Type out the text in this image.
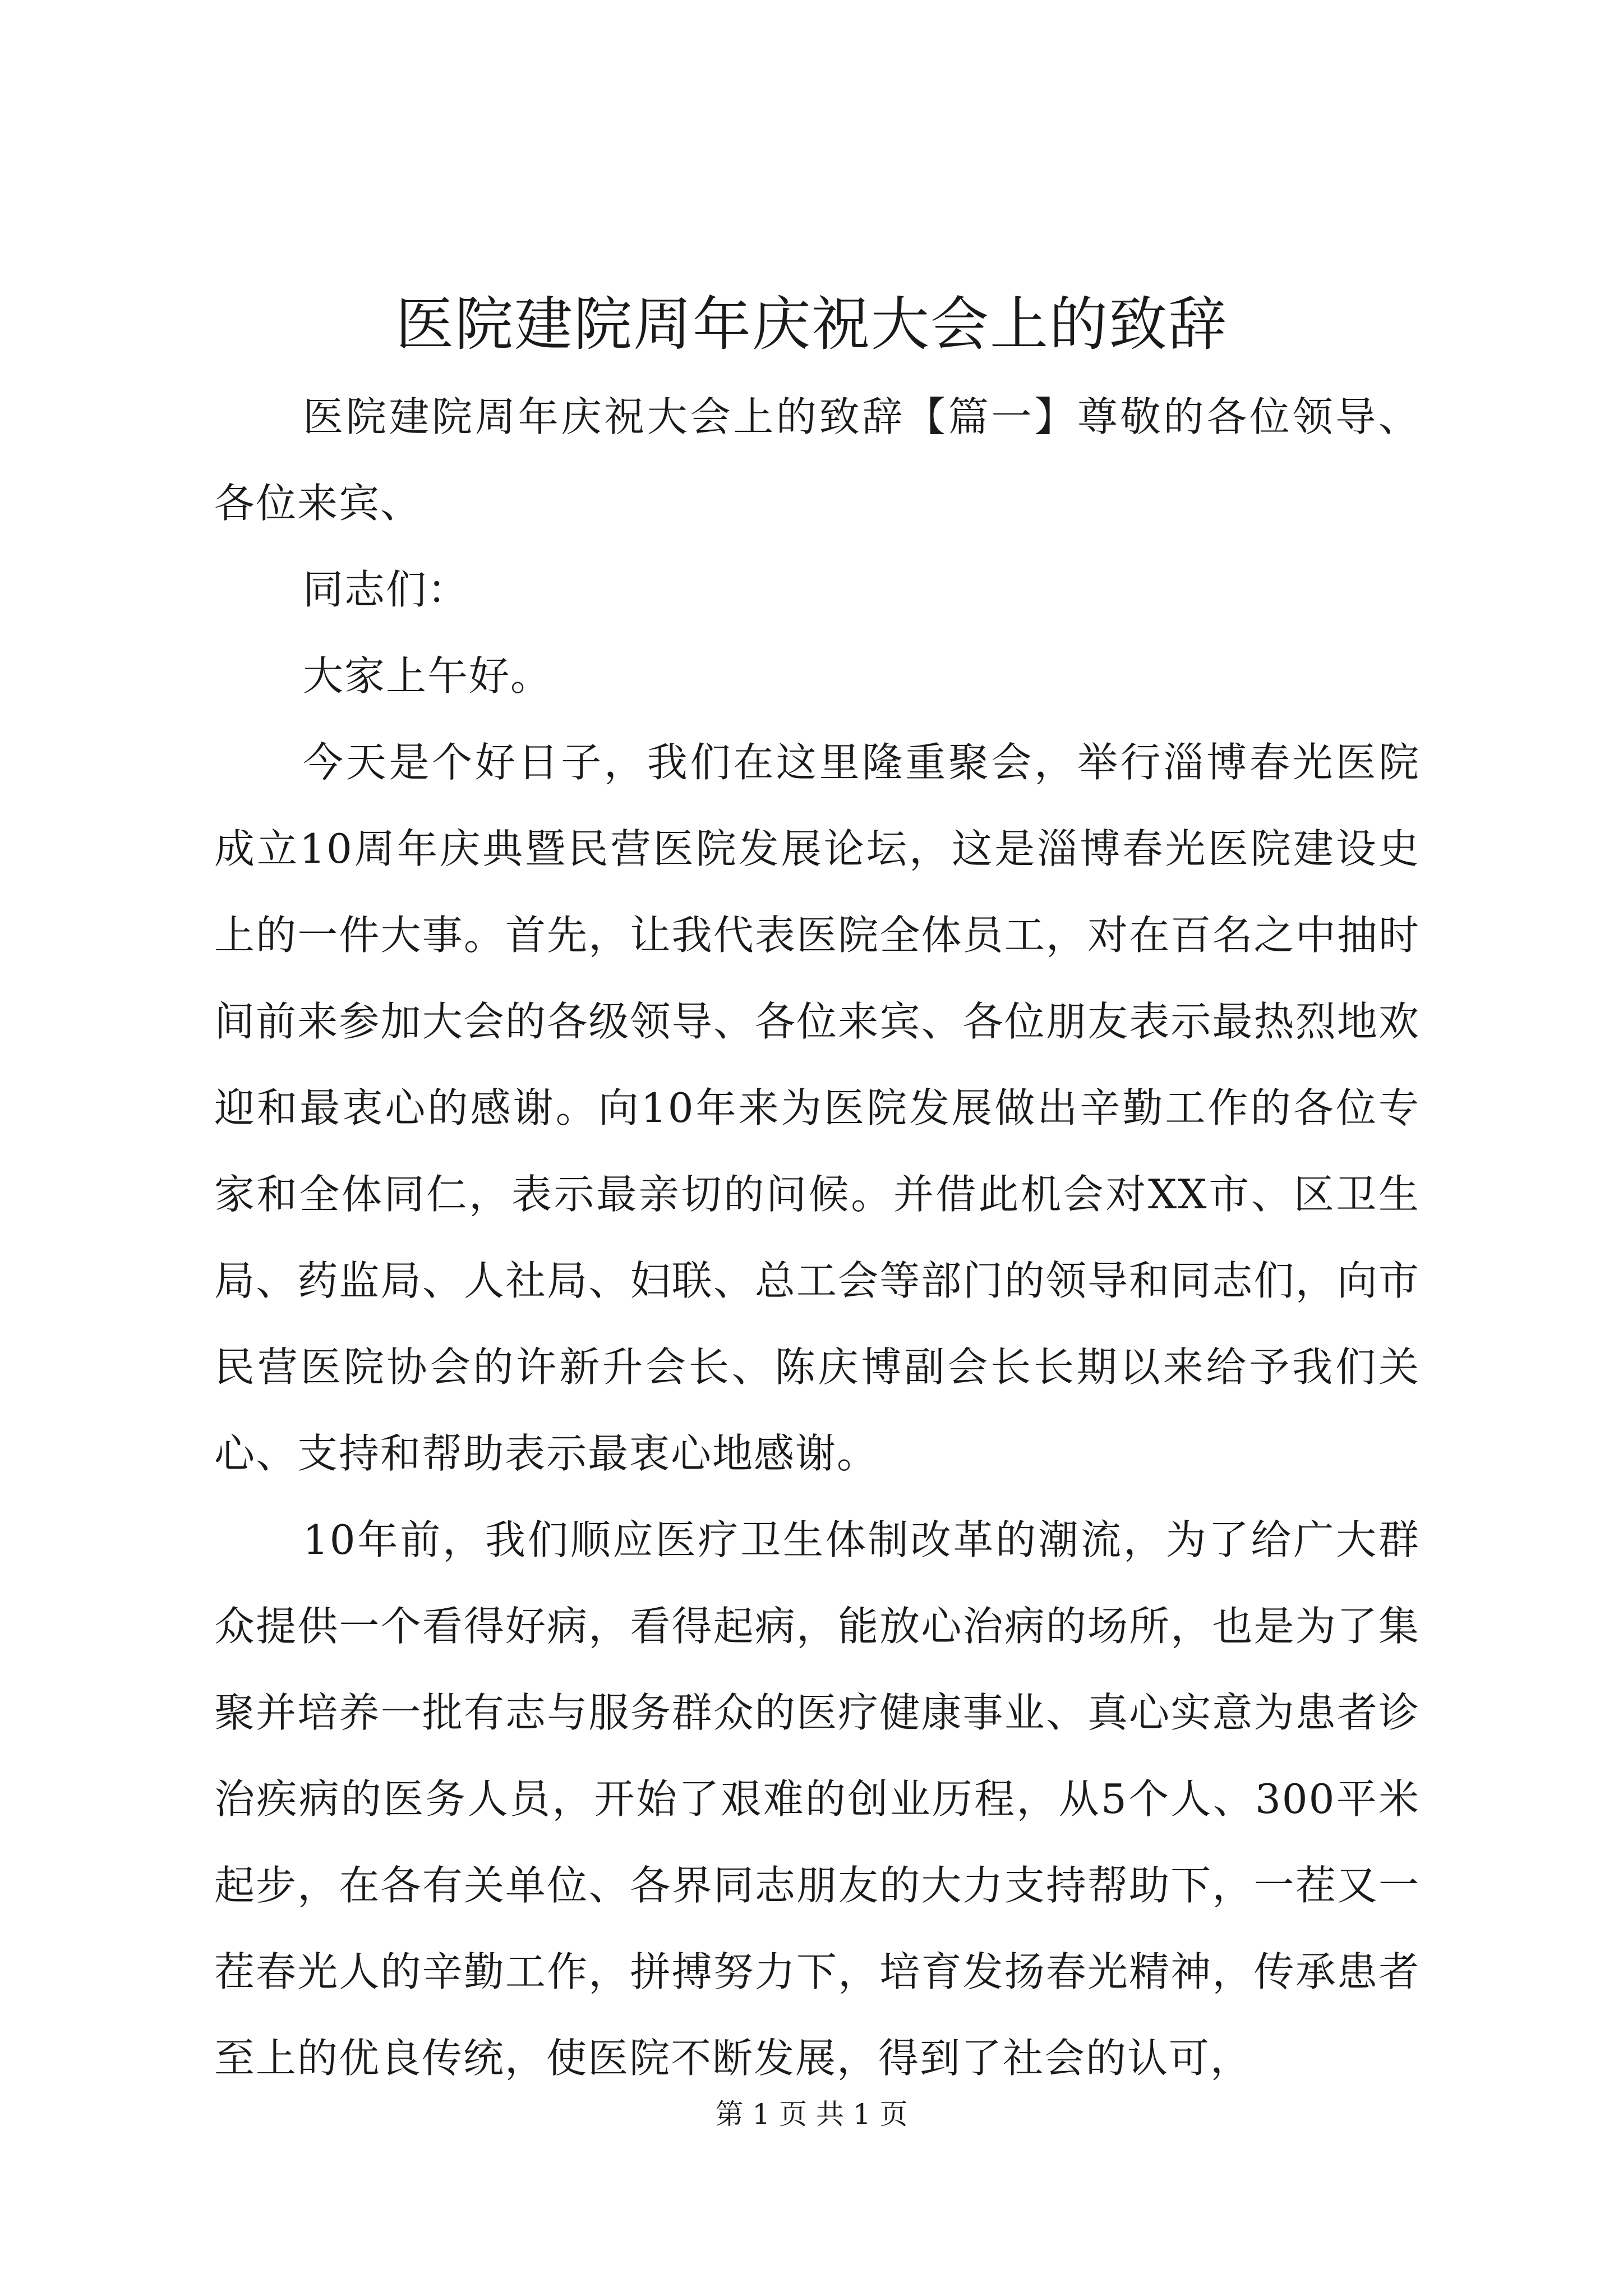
医院建院周年庆祝大会上的致辞

医院建院周年庆祝大会上的致辞【篇一】尊敬的各位领导、各位来宾、

同志们：

大家上午好。

今天是个好日子，我们在这里隆重聚会，举行淄博春光医院成立10周年庆典暨民营医院发展论坛，这是淄博春光医院建设史上的一件大事。首先，让我代表医院全体员工，对在百名之中抽时间前来参加大会的各级领导、各位来宾、各位朋友表示最热烈地欢迎和最衷心的感谢。向10年来为医院发展做出辛勤工作的各位专家和全体同仁，表示最亲切的问候。并借此机会对XX市、区卫生局、药监局、人社局、妇联、总工会等部门的领导和同志们，向市民营医院协会的许新升会长、陈庆博副会长长期以来给予我们关心、支持和帮助表示最衷心地感谢。

10年前，我们顺应医疗卫生体制改革的潮流，为了给广大群众提供一个看得好病，看得起病，能放心治病的场所，也是为了集聚并培养一批有志与服务群众的医疗健康事业、真心实意为患者诊治疾病的医务人员，开始了艰难的创业历程，从5个人、300平米起步，在各有关单位、各界同志朋友的大力支持帮助下，一茬又一茬春光人的辛勤工作，拼搏努力下，培育发扬春光精神，传承患者至上的优良传统，使医院不断发展，得到了社会的认可，

第 1 页 共 1 页
